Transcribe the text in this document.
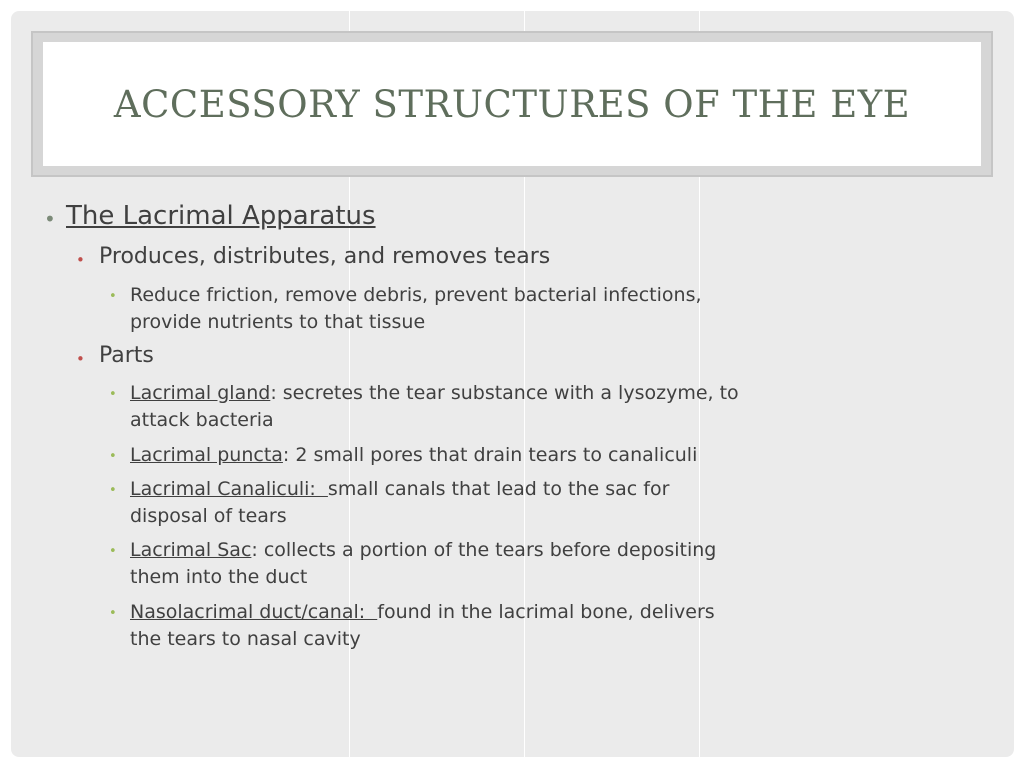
ACCESSORY STRUCTURES OF THE EYE
• The Lacrimal Apparatus
• Produces, distributes, and removes tears
• Reduce friction, remove debris, prevent bacterial infections,
provide nutrients to that tissue
• Parts
• Lacrimal gland: secretes the tear substance with a lysozyme, to
attack bacteria
• Lacrimal puncta: 2 small pores that drain tears to canaliculi
• Lacrimal Canaliculi:  small canals that lead to the sac for
disposal of tears
• Lacrimal Sac: collects a portion of the tears before depositing
them into the duct
• Nasolacrimal duct/canal:  found in the lacrimal bone, delivers
the tears to nasal cavity
